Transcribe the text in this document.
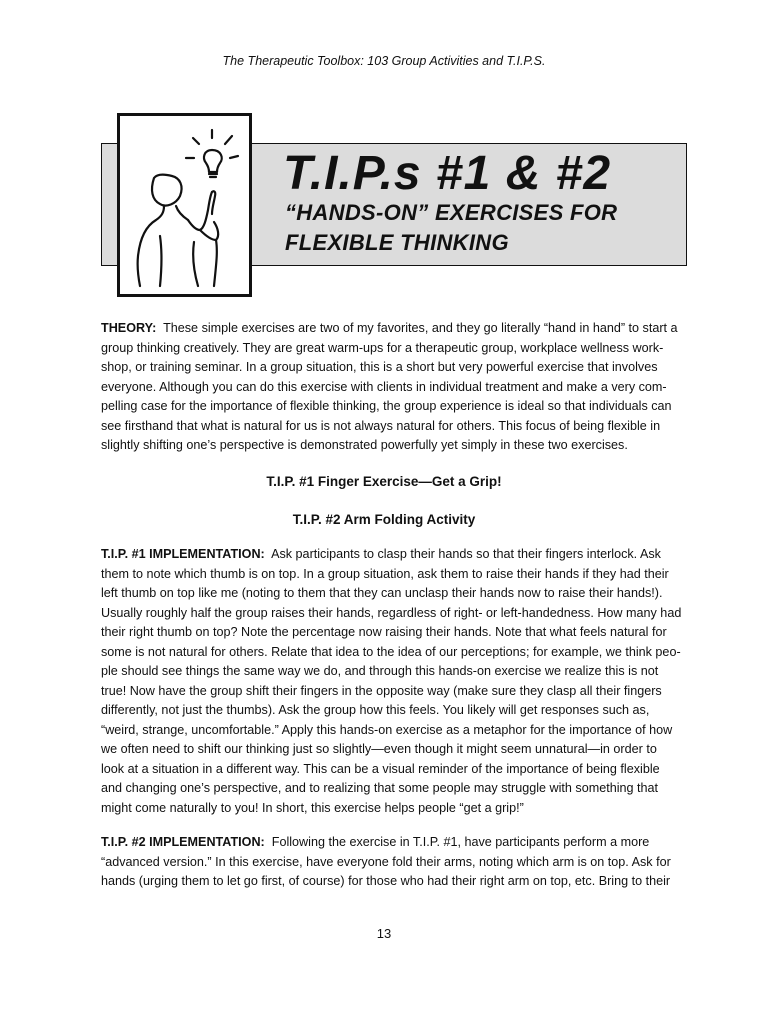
The Therapeutic Toolbox: 103 Group Activities and T.I.P.S.
T.I.P.s #1 & #2
“HANDS-ON” EXERCISES FOR
FLEXIBLE THINKING
THEORY: These simple exercises are two of my favorites, and they go literally “hand in hand” to start a
group thinking creatively. They are great warm-ups for a therapeutic group, workplace wellness work-
shop, or training seminar. In a group situation, this is a short but very powerful exercise that involves
everyone. Although you can do this exercise with clients in individual treatment and make a very com-
pelling case for the importance of flexible thinking, the group experience is ideal so that individuals can
see firsthand that what is natural for us is not always natural for others. This focus of being flexible in
slightly shifting one’s perspective is demonstrated powerfully yet simply in these two exercises.
T.I.P. #1 Finger Exercise—Get a Grip!
T.I.P. #2 Arm Folding Activity
T.I.P. #1 IMPLEMENTATION: Ask participants to clasp their hands so that their fingers interlock. Ask
them to note which thumb is on top. In a group situation, ask them to raise their hands if they had their
left thumb on top like me (noting to them that they can unclasp their hands now to raise their hands!).
Usually roughly half the group raises their hands, regardless of right- or left-handedness. How many had
their right thumb on top? Note the percentage now raising their hands. Note that what feels natural for
some is not natural for others. Relate that idea to the idea of our perceptions; for example, we think peo-
ple should see things the same way we do, and through this hands-on exercise we realize this is not
true! Now have the group shift their fingers in the opposite way (make sure they clasp all their fingers
differently, not just the thumbs). Ask the group how this feels. You likely will get responses such as,
“weird, strange, uncomfortable.” Apply this hands-on exercise as a metaphor for the importance of how
we often need to shift our thinking just so slightly—even though it might seem unnatural—in order to
look at a situation in a different way. This can be a visual reminder of the importance of being flexible
and changing one’s perspective, and to realizing that some people may struggle with something that
might come naturally to you! In short, this exercise helps people “get a grip!”
T.I.P. #2 IMPLEMENTATION: Following the exercise in T.I.P. #1, have participants perform a more
“advanced version.” In this exercise, have everyone fold their arms, noting which arm is on top. Ask for
hands (urging them to let go first, of course) for those who had their right arm on top, etc. Bring to their
13
